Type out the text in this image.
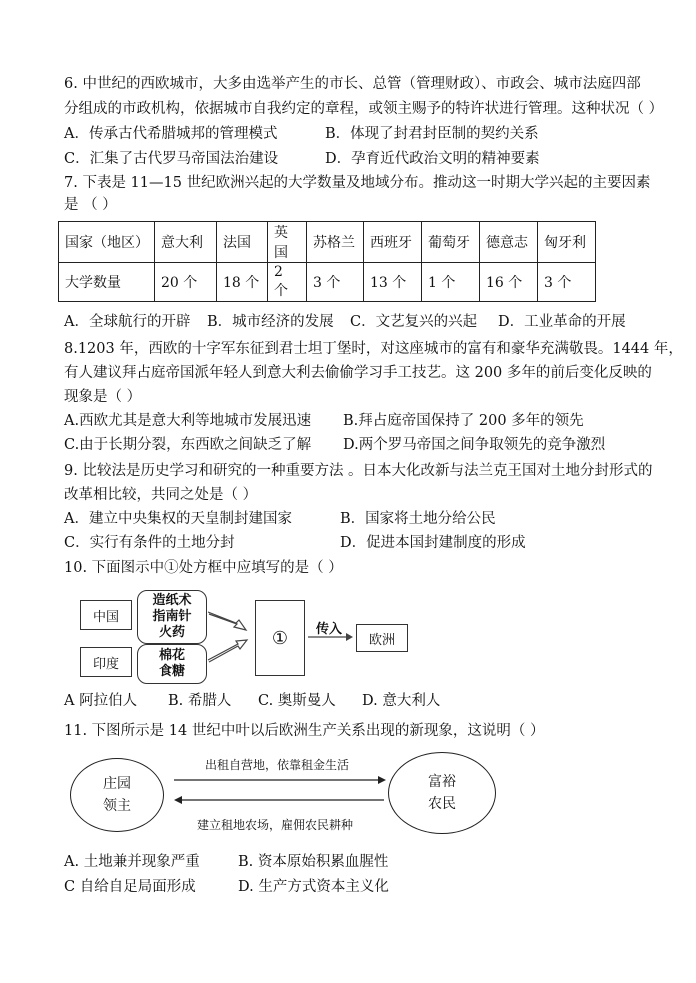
6. 中世纪的西欧城市，大多由选举产生的市长、总管（管理财政）、市政会、城市法庭四部
分组成的市政机构，依据城市自我约定的章程，或领主赐予的特许状进行管理。这种状况（ ）
A．传承古代希腊城邦的管理模式	B．体现了封君封臣制的契约关系
C．汇集了古代罗马帝国法治建设	D．孕育近代政治文明的精神要素
7. 下表是 11—15 世纪欧洲兴起的大学数量及地域分布。推动这一时期大学兴起的主要因素
是 （ ）
国家（地区）	意大利	法国	英国	苏格兰	西班牙	葡萄牙	德意志	匈牙利
大学数量	20 个	18 个	2 个	3 个	13 个	1 个	16 个	3 个
A．全球航行的开辟 B．城市经济的发展 C．文艺复兴的兴起 D．工业革命的开展
8.1203 年，西欧的十字军东征到君士坦丁堡时，对这座城市的富有和豪华充满敬畏。1444 年，
有人建议拜占庭帝国派年轻人到意大利去偷偷学习手工技艺。这 200 多年的前后变化反映的
现象是（ ）
A.西欧尤其是意大利等地城市发展迅速 B.拜占庭帝国保持了 200 多年的领先
C.由于长期分裂，东西欧之间缺乏了解 D.两个罗马帝国之间争取领先的竞争激烈
9. 比较法是历史学习和研究的一种重要方法 。日本大化改新与法兰克王国对土地分封形式的
改革相比较，共同之处是（ ）
A．建立中央集权的天皇制封建国家	B．国家将土地分给公民
C．实行有条件的土地分封	D．促进本国封建制度的形成
10. 下面图示中①处方框中应填写的是（ ）
中国
印度
造纸术
指南针
火药
棉花
食糖
①	欧洲
传入
A 阿拉伯人 B. 希腊人 C. 奥斯曼人 D. 意大利人
11. 下图所示是 14 世纪中叶以后欧洲生产关系出现的新现象，这说明（ ）
庄园
领主
富裕
农民
出租自营地，依靠租金生活
建立租地农场，雇佣农民耕种
A. 土地兼并现象严重	B. 资本原始积累血腥性
C 自给自足局面形成	D. 生产方式资本主义化
